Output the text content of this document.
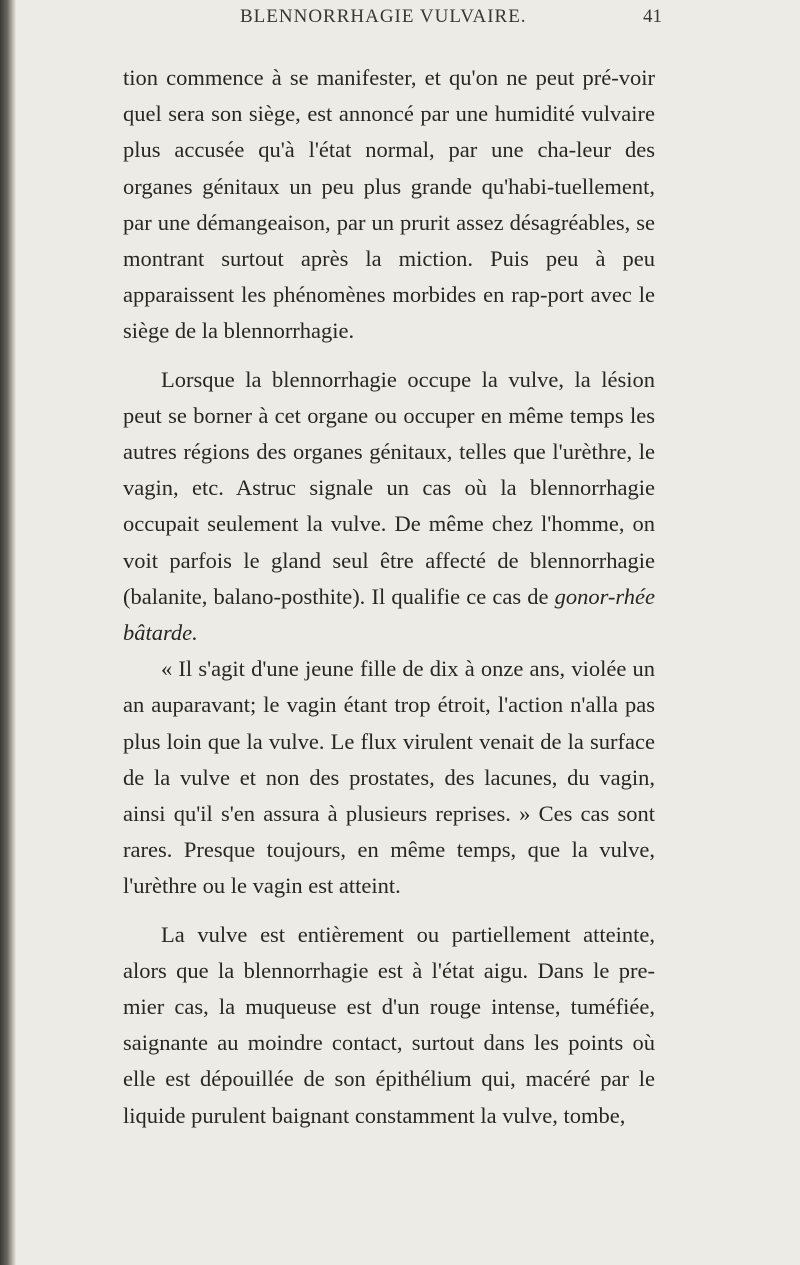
BLENNORRHAGIE VULVAIRE.	41

tion commence à se manifester, et qu'on ne peut pré-voir quel sera son siège, est annoncé par une humidité vulvaire plus accusée qu'à l'état normal, par une cha-leur des organes génitaux un peu plus grande qu'habi-tuellement, par une démangeaison, par un prurit assez désagréables, se montrant surtout après la miction. Puis peu à peu apparaissent les phénomènes morbides en rap-port avec le siège de la blennorrhagie.

Lorsque la blennorrhagie occupe la vulve, la lésion peut se borner à cet organe ou occuper en même temps les autres régions des organes génitaux, telles que l'urèthre, le vagin, etc. Astruc signale un cas où la blennorrhagie occupait seulement la vulve. De même chez l'homme, on voit parfois le gland seul être affecté de blennorrhagie (balanite, balano-posthite). Il qualifie ce cas de gonor-rhée bâtarde.

« Il s'agit d'une jeune fille de dix à onze ans, violée un an auparavant; le vagin étant trop étroit, l'action n'alla pas plus loin que la vulve. Le flux virulent venait de la surface de la vulve et non des prostates, des lacunes, du vagin, ainsi qu'il s'en assura à plusieurs reprises. » Ces cas sont rares. Presque toujours, en même temps, que la vulve, l'urèthre ou le vagin est atteint.

La vulve est entièrement ou partiellement atteinte, alors que la blennorrhagie est à l'état aigu. Dans le pre-mier cas, la muqueuse est d'un rouge intense, tuméfiée, saignante au moindre contact, surtout dans les points où elle est dépouillée de son épithélium qui, macéré par le liquide purulent baignant constamment la vulve, tombe,
